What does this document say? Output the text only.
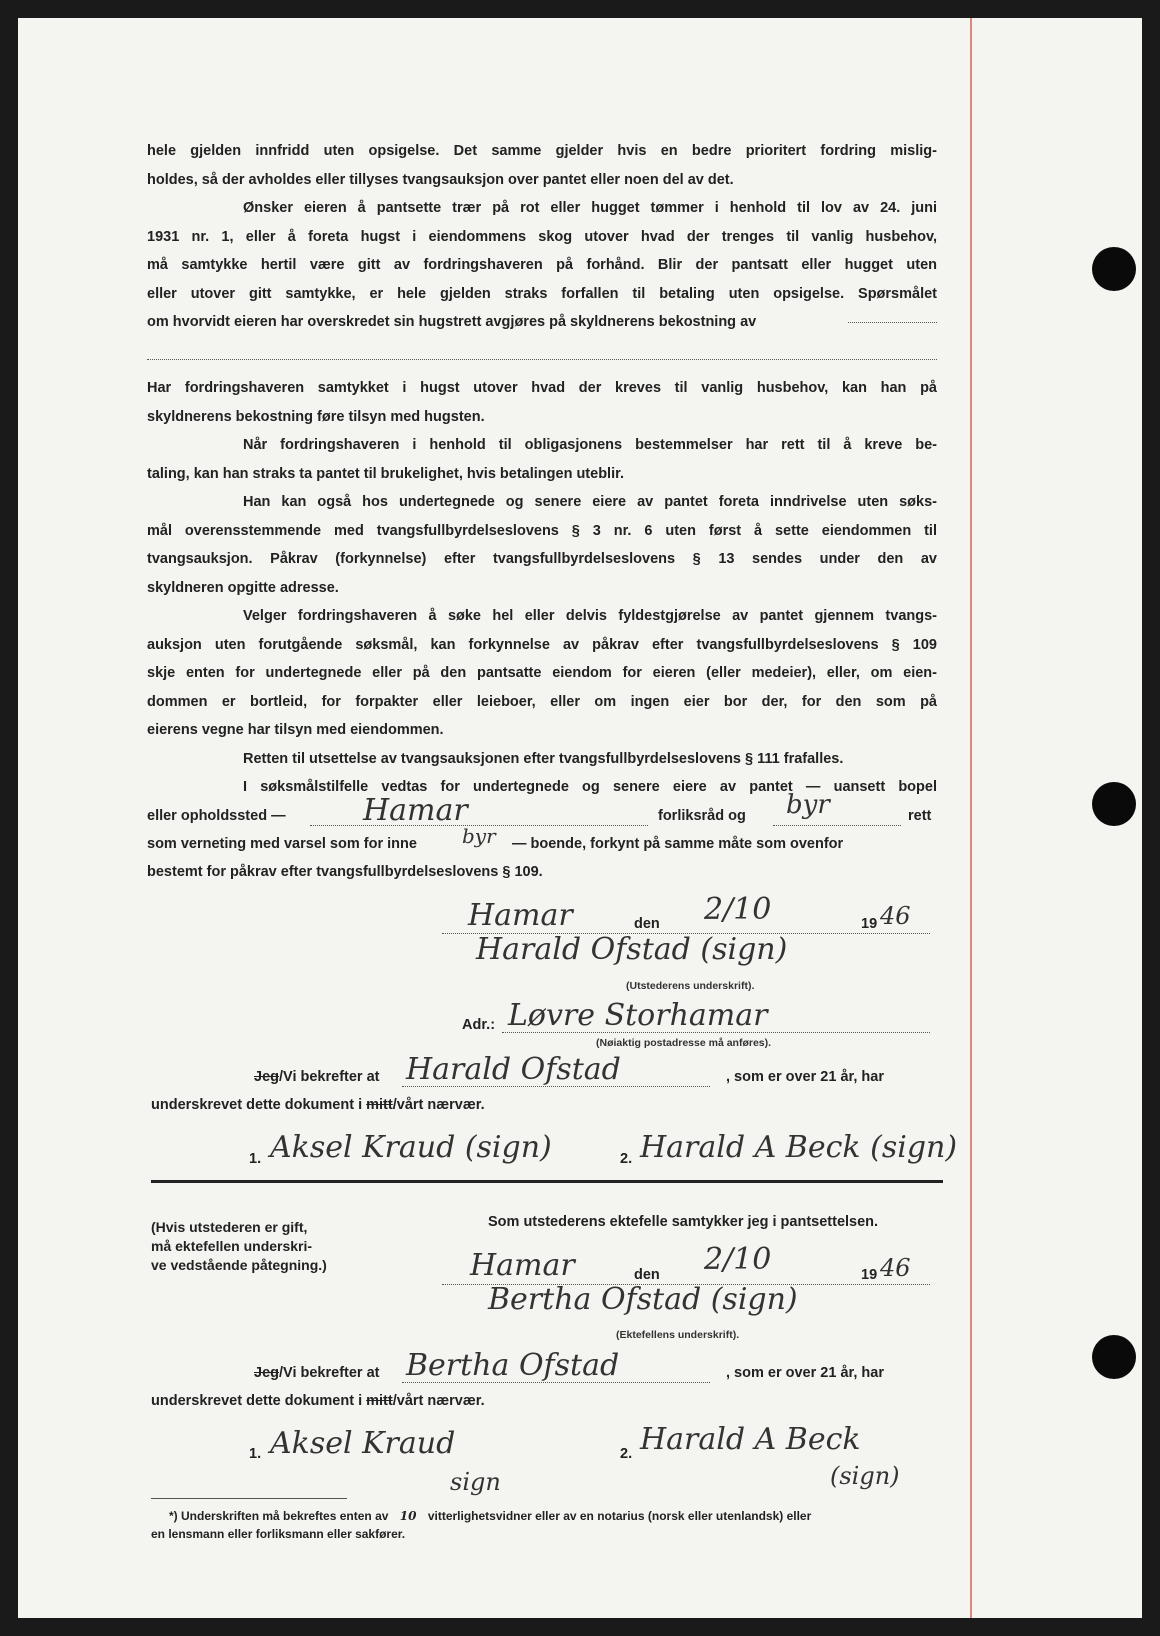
hele gjelden innfridd uten opsigelse. Det samme gjelder hvis en bedre prioritert fordring mislig-

holdes, så der avholdes eller tillyses tvangsauksjon over pantet eller noen del av det.

Ønsker eieren å pantsette trær på rot eller hugget tømmer i henhold til lov av 24. juni

1931 nr. 1, eller å foreta hugst i eiendommens skog utover hvad der trenges til vanlig husbehov,

må samtykke hertil være gitt av fordringshaveren på forhånd. Blir der pantsatt eller hugget uten

eller utover gitt samtykke, er hele gjelden straks forfallen til betaling uten opsigelse. Spørsmålet

om hvorvidt eieren har overskredet sin hugstrett avgjøres på skyldnerens bekostning av

Har fordringshaveren samtykket i hugst utover hvad der kreves til vanlig husbehov, kan han på

skyldnerens bekostning føre tilsyn med hugsten.

Når fordringshaveren i henhold til obligasjonens bestemmelser har rett til å kreve be-

taling, kan han straks ta pantet til brukelighet, hvis betalingen uteblir.

Han kan også hos undertegnede og senere eiere av pantet foreta inndrivelse uten søks-

mål overensstemmende med tvangsfullbyrdelseslovens § 3 nr. 6 uten først å sette eiendommen til

tvangsauksjon. Påkrav (forkynnelse) efter tvangsfullbyrdelseslovens § 13 sendes under den av

skyldneren opgitte adresse.

Velger fordringshaveren å søke hel eller delvis fyldestgjørelse av pantet gjennem tvangs-

auksjon uten forutgående søksmål, kan forkynnelse av påkrav efter tvangsfullbyrdelseslovens § 109

skje enten for undertegnede eller på den pantsatte eiendom for eieren (eller medeier), eller, om eien-

dommen er bortleid, for forpakter eller leieboer, eller om ingen eier bor der, for den som på

eierens vegne har tilsyn med eiendommen.

Retten til utsettelse av tvangsauksjonen efter tvangsfullbyrdelseslovens § 111 frafalles.

I søksmålstilfelle vedtas for undertegnede og senere eiere av pantet — uansett bopel

eller opholdssted —	Hamar	forliksråd og byr	rett
som verneting med varsel som for inne byr — boende, forkynt på samme måte som ovenfor
bestemt for påkrav efter tvangsfullbyrdelseslovens § 109.
Hamar	den 2/10	19 46
Harald Ofstad (sign)
(Utstederens underskrift).
Adr.: Løvre Storhamar
(Nøiaktig postadresse må anføres).
Jeg/Vi bekrefter at Harald Ofstad	, som er over 21 år, har
underskrevet dette dokument i mitt/vårt nærvær.
1. Aksel Kraud (sign)	2. Harald A Beck (sign)
(Hvis utstederen er gift,
må ektefellen underskri-
ve vedstående påtegning.)
Som utstederens ektefelle samtykker jeg i pantsettelsen.
Hamar	den 2/10	19 46
Bertha Ofstad (sign)
(Ektefellens underskrift).
Jeg/Vi bekrefter at Bertha Ofstad	, som er over 21 år, har
underskrevet dette dokument i mitt/vårt nærvær.
1. Aksel Kraud
sign
2. Harald A Beck
(sign)
*) Underskriften må bekreftes enten av 10 vitterlighetsvidner eller av en notarius (norsk eller utenlandsk) eller
en lensmann eller forliksmann eller sakfører.
